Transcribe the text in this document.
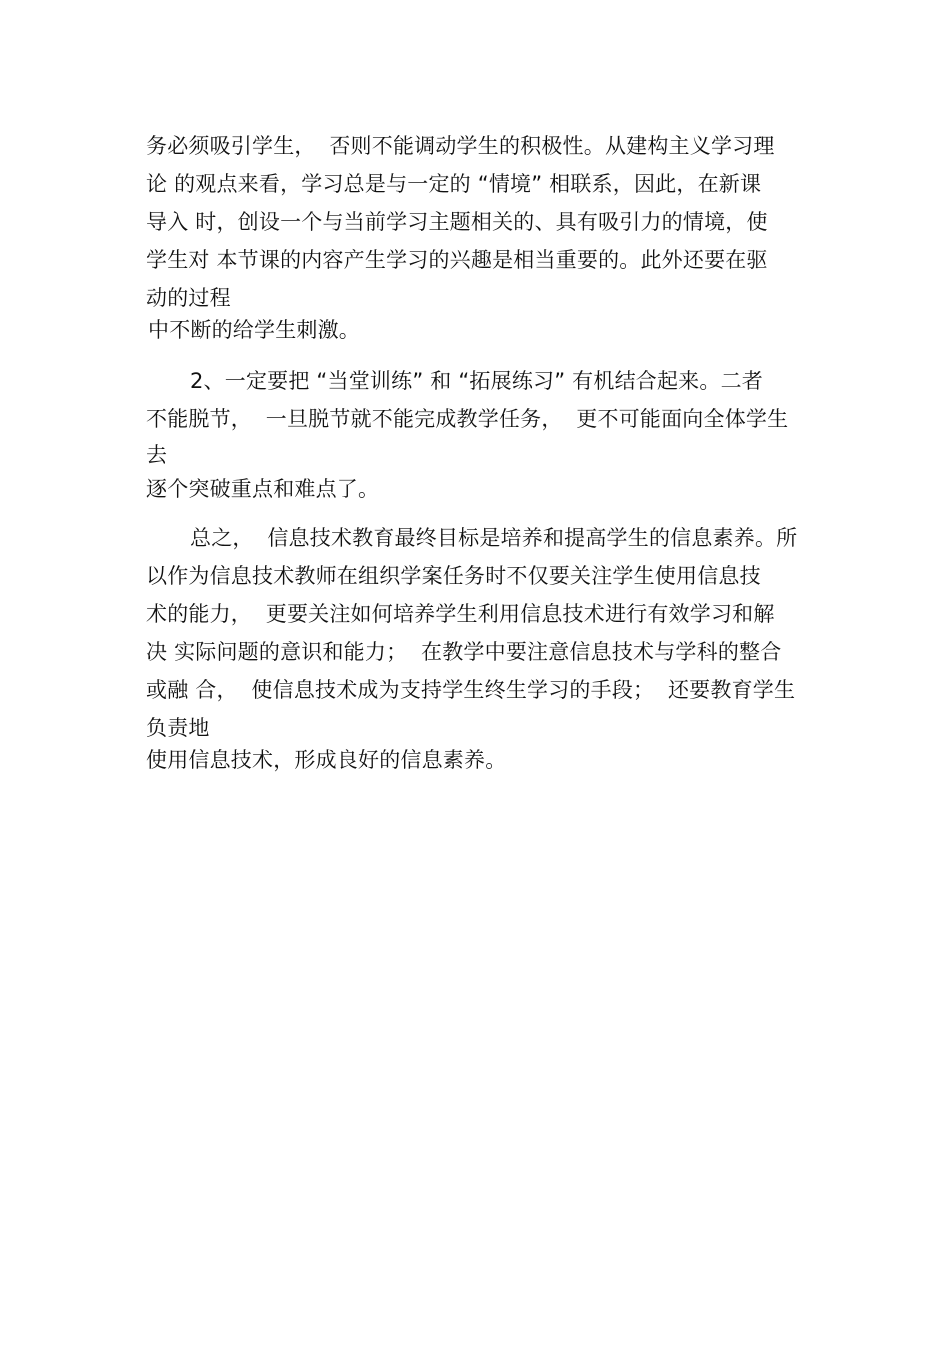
务必须吸引学生，  否则不能调动学生的积极性。从建构主义学习理
论 的观点来看，学习总是与一定的 “情境” 相联系，因此，在新课
导入 时，创设一个与当前学习主题相关的、具有吸引力的情境，使
学生对 本节课的内容产生学习的兴趣是相当重要的。此外还要在驱
动的过程
中不断的给学生刺激。
2、一定要把 “当堂训练” 和 “拓展练习” 有机结合起来。二者
不能脱节，  一旦脱节就不能完成教学任务，  更不可能面向全体学生
去
逐个突破重点和难点了。
总之，  信息技术教育最终目标是培养和提高学生的信息素养。所
以作为信息技术教师在组织学案任务时不仅要关注学生使用信息技
术的能力，  更要关注如何培养学生利用信息技术进行有效学习和解
决 实际问题的意识和能力；  在教学中要注意信息技术与学科的整合
或融 合，  使信息技术成为支持学生终生学习的手段；  还要教育学生
负责地
使用信息技术，形成良好的信息素养。
